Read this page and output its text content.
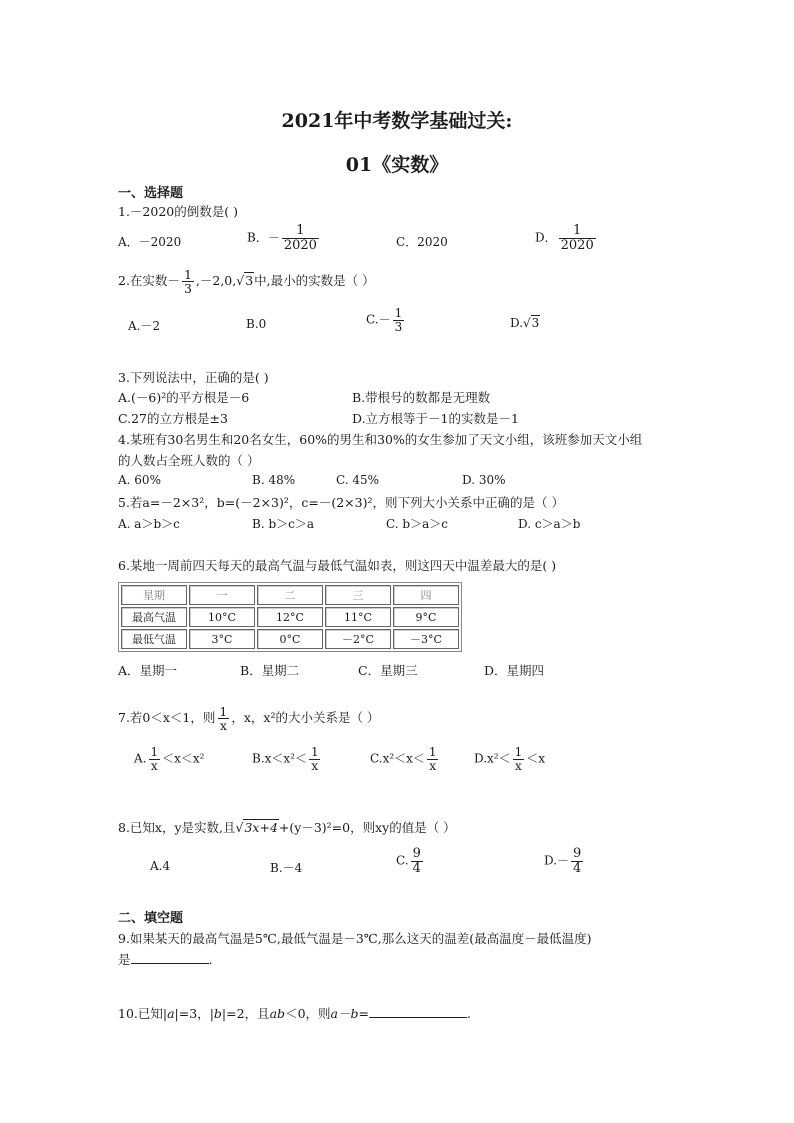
2021年中考数学基础过关:
01《实数》
一、选择题
1.－2020的倒数是( )
A．－2020	B．－ $\frac{1}{2020}$	C．2020	D． $\frac{1}{2020}$
2.在实数－ $\frac{1}{3} ,-2,0,√3$中,最小的实数是（ ）
A.－2	B.0	$C.- \frac{1}{3}$	D.√3
3.下列说法中，正确的是( )
A.(－6)²的平方根是－6	B.带根号的数都是无理数
C.27的立方根是±3	D.立方根等于－1的实数是－1
4.某班有30名男生和20名女生，60%的男生和30%的女生参加了天文小组，该班参加天文小组
的人数占全班人数的（ ）
A. 60%	B. 48%	C. 45%	D. 30%
5.若a=－2×3²，b=(－2×3)²，c=－(2×3)²，则下列大小关系中正确的是（ ）
A. a＞b＞c	B. b＞c＞a	C. b＞a＞c	D. c＞a＞b
6.某地一周前四天每天的最高气温与最低气温如表，则这四天中温差最大的是( )
星期	一	二	三	四
最高气温	10°C	12°C	11°C	9°C
最低气温	3°C	0°C	－2°C	－3°C
A．星期一	B．星期二	C．星期三	D．星期四
7.若0＜x＜1，则 $\frac{1}{x}$ ，x，x²的大小关系是（ ）
A. $\frac{1}{x} <x<x^2$	$B.x<x^2< \frac{1}{x}$	$C.x^2<x< \frac{1}{x}$	$D.x^2< \frac{1}{x} <x$
8.已知x，y是实数,且√3x+4+(y－3)²=0，则xy的值是（ ）
A.4	B.－4
C. $\frac{9}{4}$	$D.- \frac{9}{4}$
二、填空题
9.如果某天的最高气温是5℃,最低气温是－3℃,那么这天的温差(最高温度－最低温度)
是	.
10.已知|a|=3，|b|=2，且ab＜0，则a－b=	.
